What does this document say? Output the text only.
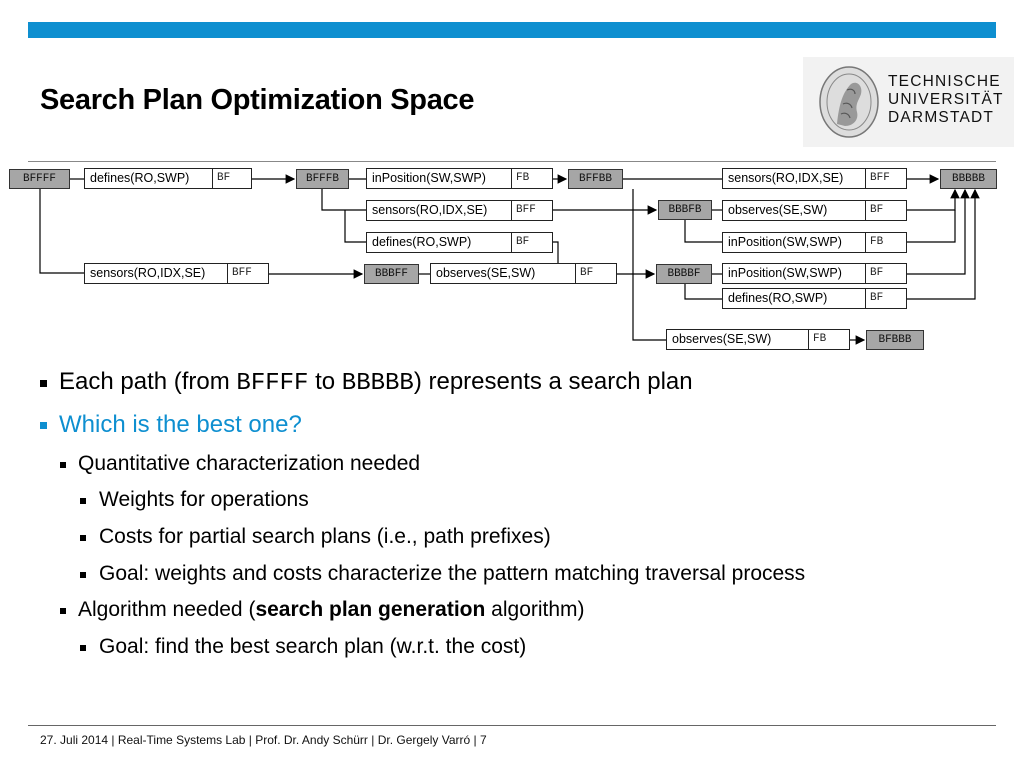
Search Plan Optimization Space
TECHNISCHE
UNIVERSITÄT
DARMSTADT
BFFFF	BFFFB	BFFBB	BBBBB
BBBFB
BBBFF	BBBBF
BFBBB
defines(RO,SWP)	BF	inPosition(SW,SWP)	FB	sensors(RO,IDX,SE)	BFF
sensors(RO,IDX,SE)	BFF	observes(SE,SW)	BF
defines(RO,SWP)	BF	inPosition(SW,SWP)	FB
sensors(RO,IDX,SE)	BFF	observes(SE,SW)	BF	inPosition(SW,SWP)	BF
defines(RO,SWP)	BF
observes(SE,SW)	FB
Each path (from BFFFF to BBBBB) represents a search plan
Which is the best one?
Quantitative characterization needed
Weights for operations
Costs for partial search plans (i.e., path prefixes)
Goal: weights and costs characterize the pattern matching traversal process
Algorithm needed (search plan generation algorithm)
Goal: find the best search plan (w.r.t. the cost)
27. Juli 2014 | Real-Time Systems Lab | Prof. Dr. Andy Schürr | Dr. Gergely Varró | 7
